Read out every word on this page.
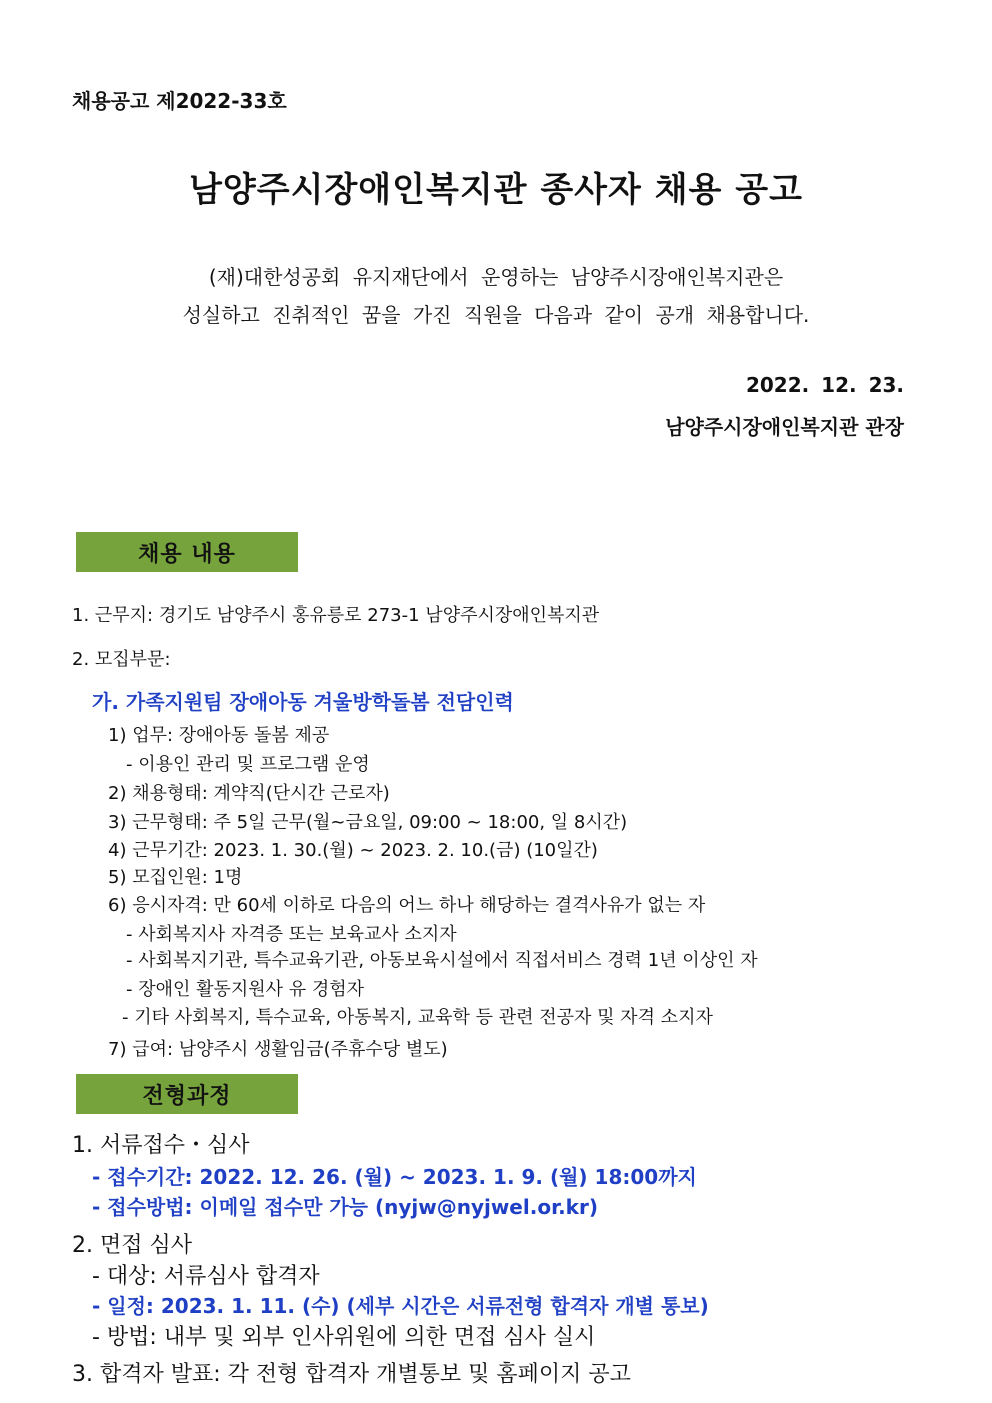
채용공고 제2022-33호
남양주시장애인복지관 종사자 채용 공고
(재)대한성공회 유지재단에서 운영하는 남양주시장애인복지관은
성실하고 진취적인 꿈을 가진 직원을 다음과 같이 공개 채용합니다.
2022. 12. 23.
남양주시장애인복지관 관장
채용 내용
1. 근무지: 경기도 남양주시 홍유릉로 273-1 남양주시장애인복지관
2. 모집부문:
가. 가족지원팀 장애아동 겨울방학돌봄 전담인력
1) 업무: 장애아동 돌봄 제공
- 이용인 관리 및 프로그램 운영
2) 채용형태: 계약직(단시간 근로자)
3) 근무형태: 주 5일 근무(월~금요일, 09:00 ~ 18:00, 일 8시간)
4) 근무기간: 2023. 1. 30.(월) ~ 2023. 2. 10.(금) (10일간)
5) 모집인원: 1명
6) 응시자격: 만 60세 이하로 다음의 어느 하나 해당하는 결격사유가 없는 자
- 사회복지사 자격증 또는 보육교사 소지자
- 사회복지기관, 특수교육기관, 아동보육시설에서 직접서비스 경력 1년 이상인 자
- 장애인 활동지원사 유 경험자
- 기타 사회복지, 특수교육, 아동복지, 교육학 등 관련 전공자 및 자격 소지자
7) 급여: 남양주시 생활임금(주휴수당 별도)
전형과정
1. 서류접수・심사
- 접수기간: 2022. 12. 26. (월) ~ 2023. 1. 9. (월) 18:00까지
- 접수방법: 이메일 접수만 가능 (nyjw@nyjwel.or.kr)
2. 면접 심사
- 대상: 서류심사 합격자
- 일정: 2023. 1. 11. (수) (세부 시간은 서류전형 합격자 개별 통보)
- 방법: 내부 및 외부 인사위원에 의한 면접 심사 실시
3. 합격자 발표: 각 전형 합격자 개별통보 및 홈페이지 공고
